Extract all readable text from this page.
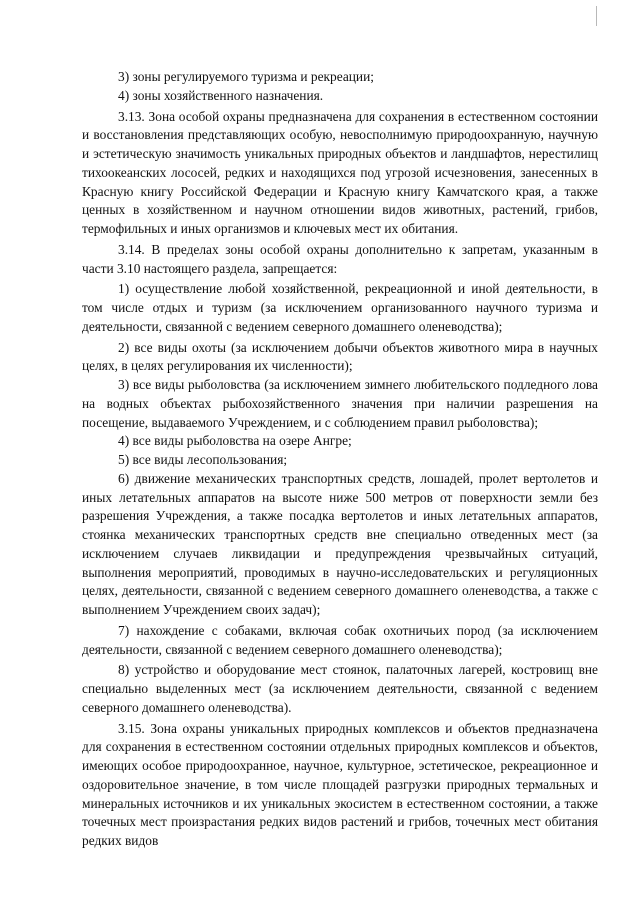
3) зоны регулируемого туризма и рекреации;

4) зоны хозяйственного назначения.

3.13. Зона особой охраны предназначена для сохранения в естественном состоянии и восстановления представляющих особую, невосполнимую природоохранную, научную и эстетическую значимость уникальных природных объектов и ландшафтов, нерестилищ тихоокеанских лососей, редких и находящихся под угрозой исчезновения, занесенных в Красную книгу Российской Федерации и Красную книгу Камчатского края, а также ценных в хозяйственном и научном отношении видов животных, растений, грибов, термофильных и иных организмов и ключевых мест их обитания.

3.14. В пределах зоны особой охраны дополнительно к запретам, указанным в части 3.10 настоящего раздела, запрещается:

1) осуществление любой хозяйственной, рекреационной и иной деятельности, в том числе отдых и туризм (за исключением организованного научного туризма и деятельности, связанной с ведением северного домашнего оленеводства);

2) все виды охоты (за исключением добычи объектов животного мира в научных целях, в целях регулирования их численности);

3) все виды рыболовства (за исключением зимнего любительского подледного лова на водных объектах рыбохозяйственного значения при наличии разрешения на посещение, выдаваемого Учреждением, и с соблюдением правил рыболовства);

4) все виды рыболовства на озере Ангре;

5) все виды лесопользования;

6) движение механических транспортных средств, лошадей, пролет вертолетов и иных летательных аппаратов на высоте ниже 500 метров от поверхности земли без разрешения Учреждения, а также посадка вертолетов и иных летательных аппаратов, стоянка механических транспортных средств вне специально отведенных мест (за исключением случаев ликвидации и предупреждения чрезвычайных ситуаций, выполнения мероприятий, проводимых в научно-исследовательских и регуляционных целях, деятельности, связанной с ведением северного домашнего оленеводства, а также с выполнением Учреждением своих задач);

7) нахождение с собаками, включая собак охотничьих пород (за исключением деятельности, связанной с ведением северного домашнего оленеводства);

8) устройство и оборудование мест стоянок, палаточных лагерей, костровищ вне специально выделенных мест (за исключением деятельности, связанной с ведением северного домашнего оленеводства).

3.15. Зона охраны уникальных природных комплексов и объектов предназначена для сохранения в естественном состоянии отдельных природных комплексов и объектов, имеющих особое природоохранное, научное, культурное, эстетическое, рекреационное и оздоровительное значение, в том числе площадей разгрузки природных термальных и минеральных источников и их уникальных экосистем в естественном состоянии, а также точечных мест произрастания редких видов растений и грибов, точечных мест обитания редких видов
